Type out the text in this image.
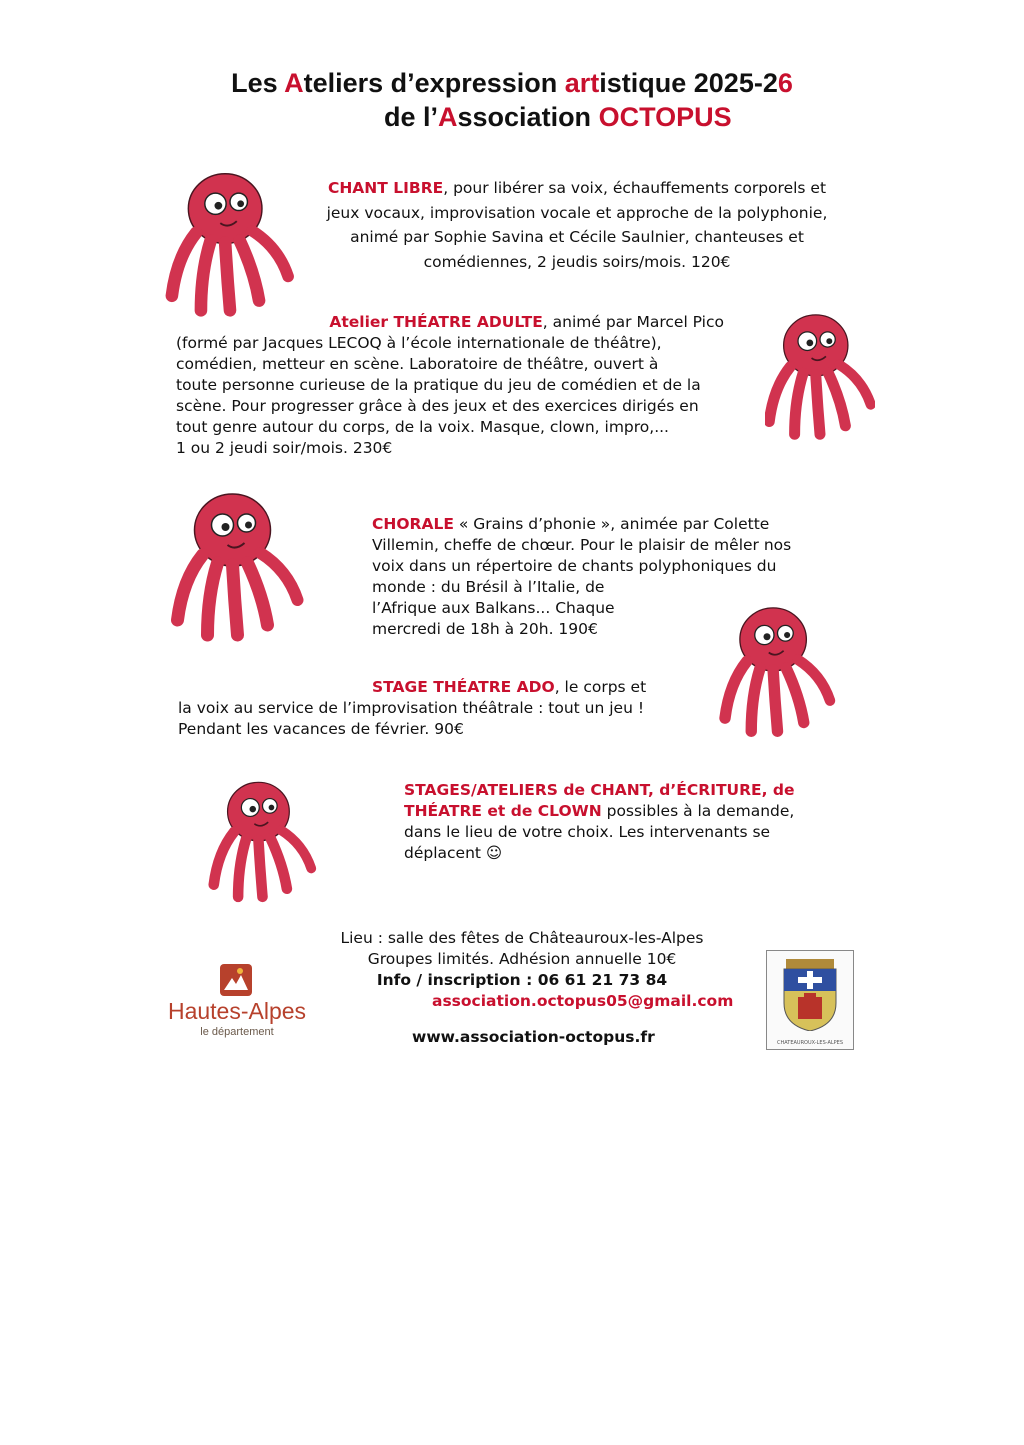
Les Ateliers d’expression artistique 2025-26
de l’Association OCTOPUS
CHANT LIBRE, pour libérer sa voix, échauffements corporels et
jeux vocaux, improvisation vocale et approche de la polyphonie,
animé par Sophie Savina et Cécile Saulnier, chanteuses et
comédiennes, 2 jeudis soirs/mois. 120€
Atelier THÉATRE ADULTE, animé par Marcel Pico
(formé par Jacques LECOQ à l’école internationale de théâtre),
comédien, metteur en scène. Laboratoire de théâtre, ouvert à
toute personne curieuse de la pratique du jeu de comédien et de la
scène. Pour progresser grâce à des jeux et des exercices dirigés en
tout genre autour du corps, de la voix. Masque, clown, impro,...
1 ou 2 jeudi soir/mois. 230€
CHORALE « Grains d’phonie », animée par Colette
Villemin, cheffe de chœur. Pour le plaisir de mêler nos
voix dans un répertoire de chants polyphoniques du
monde : du Brésil à l’Italie, de
l’Afrique aux Balkans... Chaque
mercredi de 18h à 20h. 190€
STAGE THÉATRE ADO, le corps et
la voix au service de l’improvisation théâtrale : tout un jeu !
Pendant les vacances de février. 90€
STAGES/ATELIERS de CHANT, d’ÉCRITURE, de
THÉATRE et de CLOWN possibles à la demande,
dans le lieu de votre choix. Les intervenants se
déplacent ☺
Lieu : salle des fêtes de Châteauroux-les-Alpes
Groupes limités. Adhésion annuelle 10€
Info / inscription : 06 61 21 73 84
association.octopus05@gmail.com
www.association-octopus.fr
Hautes-Alpes
le département
CHATEAUROUX-LES-ALPES
